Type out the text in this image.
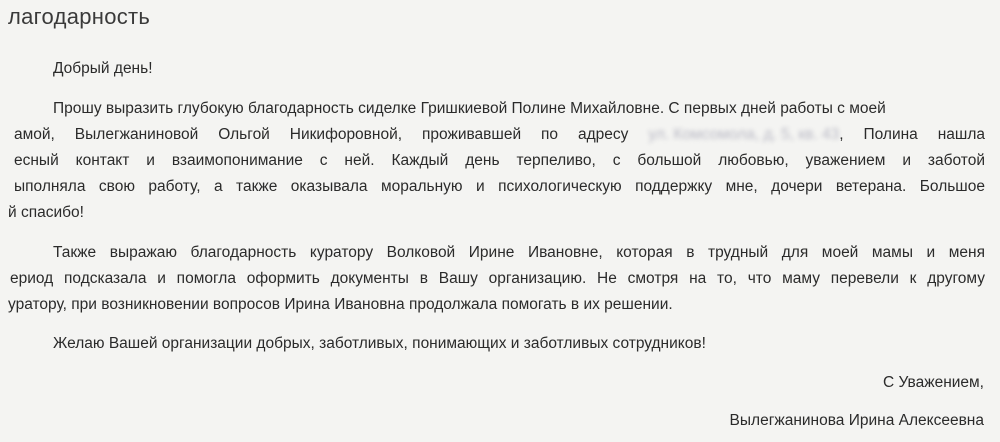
лагодарность
Добрый день!
Прошу выразить глубокую благодарность сиделке Гришкиевой Полине Михайловне. С первых дней работы с моей
амой, Вылегжаниновой Ольгой Никифоровной, проживавшей по адресу ул. Комсомола, д. 5, кв. 43, Полина нашла
есный контакт и взаимопонимание с ней. Каждый день терпеливо, с большой любовью, уважением и заботой
ыполняла свою работу, а также оказывала моральную и психологическую поддержку мне, дочери ветерана. Большое
й спасибо!
Также выражаю благодарность куратору Волковой Ирине Ивановне, которая в трудный для моей мамы и меня
ериод подсказала и помогла оформить документы в Вашу организацию. Не смотря на то, что маму перевели к другому
уратору, при возникновении вопросов Ирина Ивановна продолжала помогать в их решении.
Желаю Вашей организации добрых, заботливых, понимающих и заботливых сотрудников!
С Уважением,
Вылегжанинова Ирина Алексеевна
